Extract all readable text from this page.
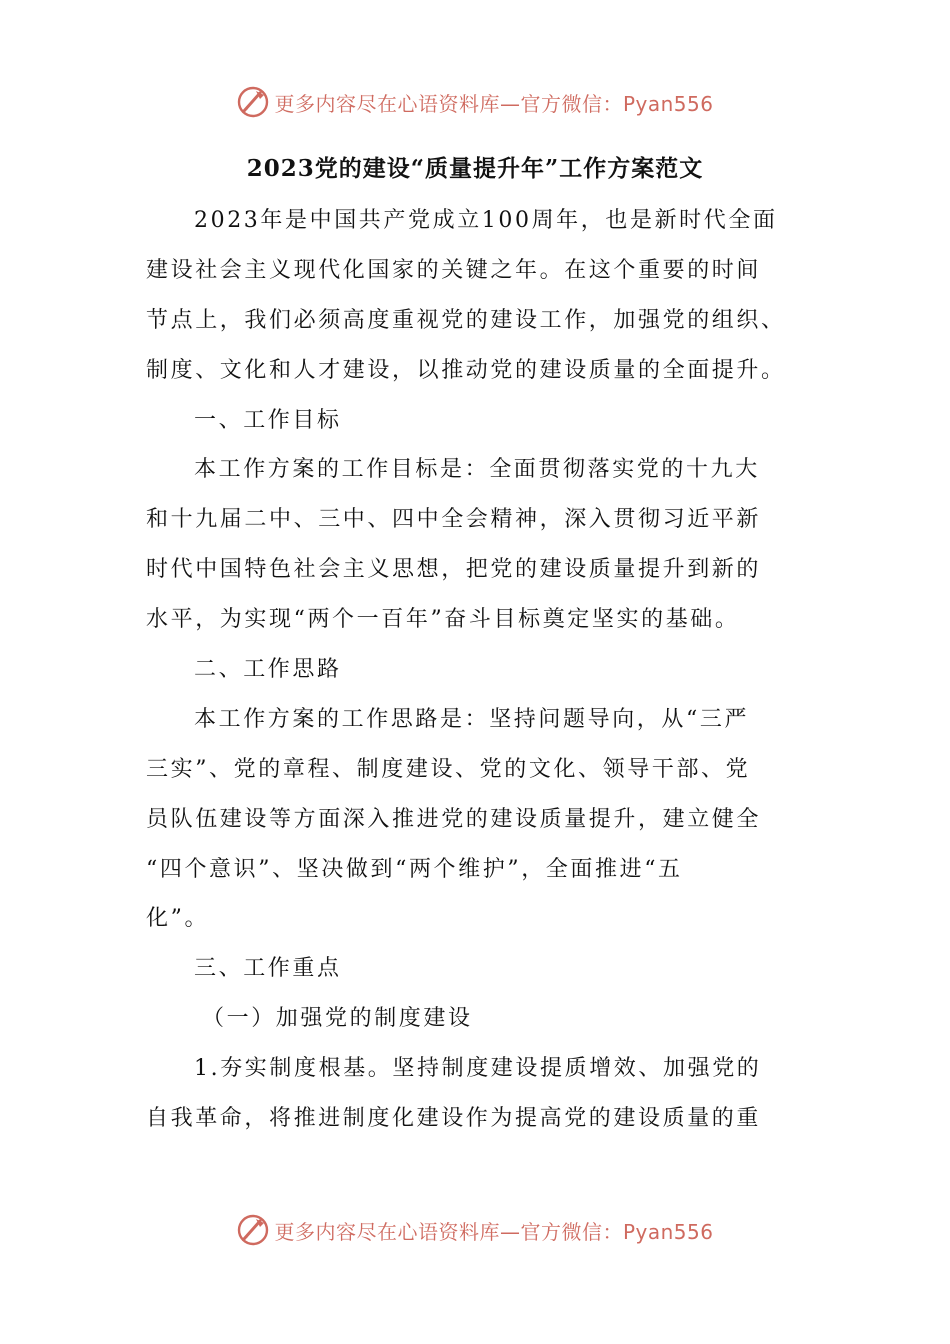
更多内容尽在心语资料库—官方微信：Pyan556
2023党的建设“质量提升年”工作方案范文
2023年是中国共产党成立100周年，也是新时代全面
建设社会主义现代化国家的关键之年。在这个重要的时间
节点上，我们必须高度重视党的建设工作，加强党的组织、
制度、文化和人才建设，以推动党的建设质量的全面提升。
一、工作目标
本工作方案的工作目标是：全面贯彻落实党的十九大
和十九届二中、三中、四中全会精神，深入贯彻习近平新
时代中国特色社会主义思想，把党的建设质量提升到新的
水平，为实现“两个一百年”奋斗目标奠定坚实的基础。
二、工作思路
本工作方案的工作思路是：坚持问题导向，从“三严
三实”、党的章程、制度建设、党的文化、领导干部、党
员队伍建设等方面深入推进党的建设质量提升，建立健全
“四个意识”、坚决做到“两个维护”，全面推进“五
化”。
三、工作重点
（一）加强党的制度建设
1.夯实制度根基。坚持制度建设提质增效、加强党的
自我革命，将推进制度化建设作为提高党的建设质量的重
更多内容尽在心语资料库—官方微信：Pyan556
